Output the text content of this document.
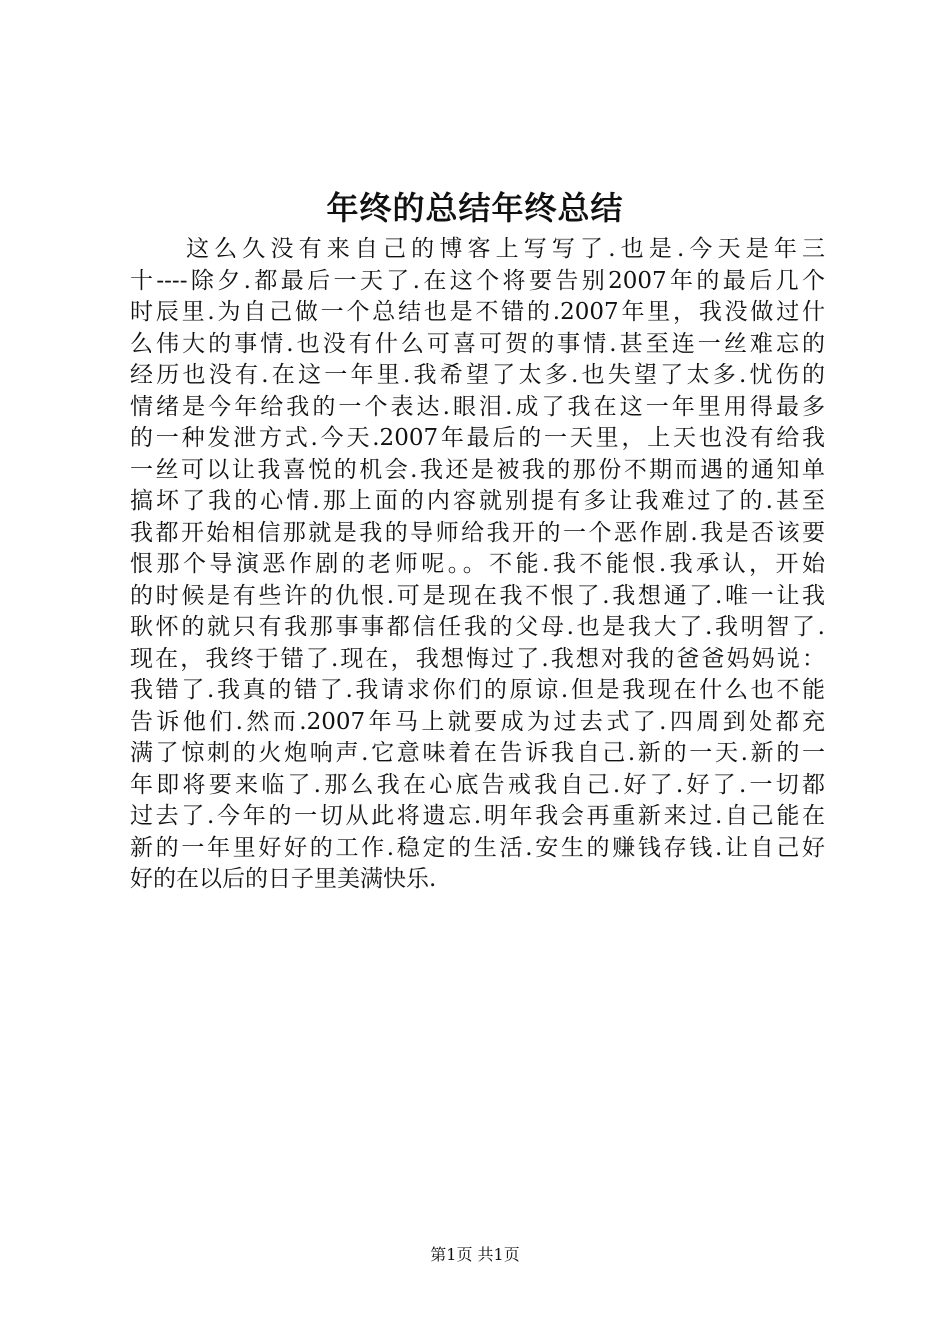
年终的总结年终总结
这么久没有来自己的博客上写写了.也是.今天是年三
十----除夕.都最后一天了.在这个将要告别2007年的最后几个
时辰里.为自己做一个总结也是不错的.2007年里，我没做过什
么伟大的事情.也没有什么可喜可贺的事情.甚至连一丝难忘的
经历也没有.在这一年里.我希望了太多.也失望了太多.忧伤的
情绪是今年给我的一个表达.眼泪.成了我在这一年里用得最多
的一种发泄方式.今天.2007年最后的一天里，上天也没有给我
一丝可以让我喜悦的机会.我还是被我的那份不期而遇的通知单
搞坏了我的心情.那上面的内容就别提有多让我难过了的.甚至
我都开始相信那就是我的导师给我开的一个恶作剧.我是否该要
恨那个导演恶作剧的老师呢。。不能.我不能恨.我承认，开始
的时候是有些许的仇恨.可是现在我不恨了.我想通了.唯一让我
耿怀的就只有我那事事都信任我的父母.也是我大了.我明智了.
现在，我终于错了.现在，我想悔过了.我想对我的爸爸妈妈说：
我错了.我真的错了.我请求你们的原谅.但是我现在什么也不能
告诉他们.然而.2007年马上就要成为过去式了.四周到处都充
满了惊刺的火炮响声.它意味着在告诉我自己.新的一天.新的一
年即将要来临了.那么我在心底告戒我自己.好了.好了.一切都
过去了.今年的一切从此将遗忘.明年我会再重新来过.自己能在
新的一年里好好的工作.稳定的生活.安生的赚钱存钱.让自己好
好的在以后的日子里美满快乐.
第1页 共1页
